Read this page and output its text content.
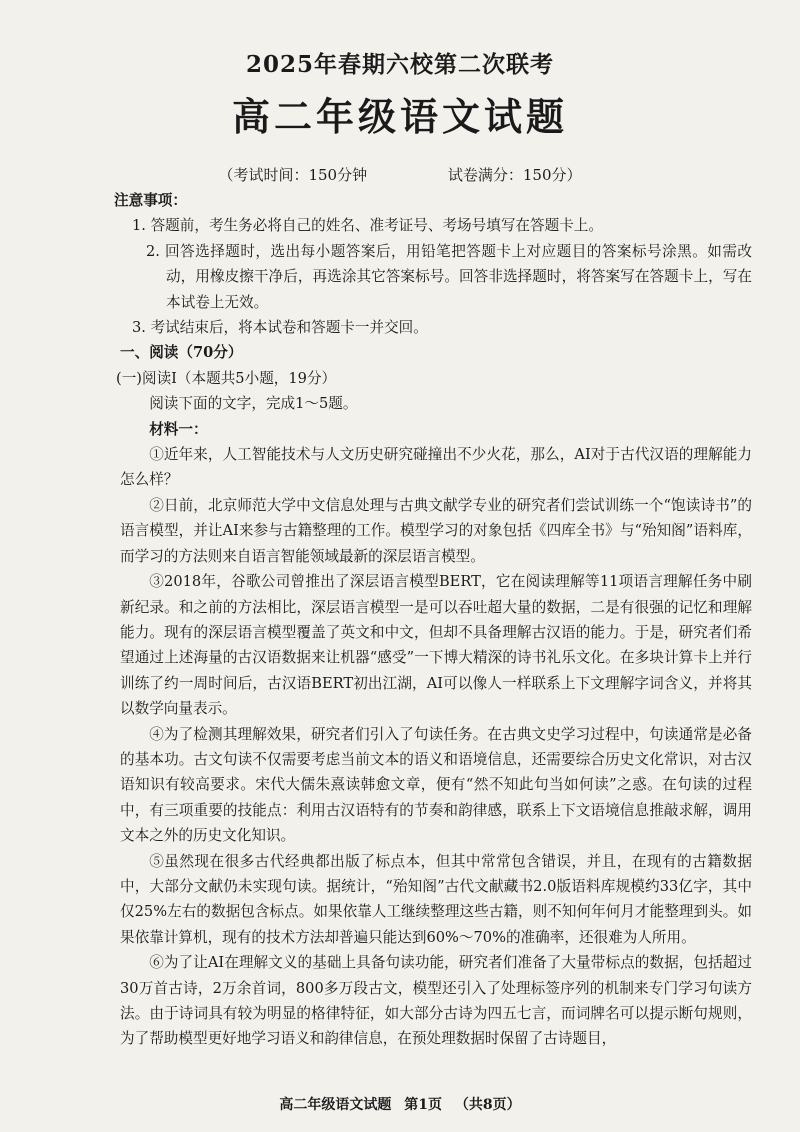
2025年春期六校第二次联考
高二年级语文试题
（考试时间：150分钟	试卷满分：150分）

注意事项：

1. 答题前，考生务必将自己的姓名、准考证号、考场号填写在答题卡上。

2. 回答选择题时，选出每小题答案后，用铅笔把答题卡上对应题目的答案标号涂黑。如需改动，用橡皮擦干净后，再选涂其它答案标号。回答非选择题时，将答案写在答题卡上，写在本试卷上无效。

3. 考试结束后，将本试卷和答题卡一并交回。

一、阅读（70分）

(一)阅读Ⅰ（本题共5小题，19分）

阅读下面的文字，完成1～5题。

材料一：

①近年来，人工智能技术与人文历史研究碰撞出不少火花，那么，AI对于古代汉语的理解能力怎么样？

②日前，北京师范大学中文信息处理与古典文献学专业的研究者们尝试训练一个“饱读诗书”的语言模型，并让AI来参与古籍整理的工作。模型学习的对象包括《四库全书》与“殆知阁”语料库，而学习的方法则来自语言智能领域最新的深层语言模型。

③2018年，谷歌公司曾推出了深层语言模型BERT，它在阅读理解等11项语言理解任务中刷新纪录。和之前的方法相比，深层语言模型一是可以吞吐超大量的数据，二是有很强的记忆和理解能力。现有的深层语言模型覆盖了英文和中文，但却不具备理解古汉语的能力。于是，研究者们希望通过上述海量的古汉语数据来让机器“感受”一下博大精深的诗书礼乐文化。在多块计算卡上并行训练了约一周时间后，古汉语BERT初出江湖，AI可以像人一样联系上下文理解字词含义，并将其以数学向量表示。

④为了检测其理解效果，研究者们引入了句读任务。在古典文史学习过程中，句读通常是必备的基本功。古文句读不仅需要考虑当前文本的语义和语境信息，还需要综合历史文化常识，对古汉语知识有较高要求。宋代大儒朱熹读韩愈文章，便有“然不知此句当如何读”之惑。在句读的过程中，有三项重要的技能点：利用古汉语特有的节奏和韵律感，联系上下文语境信息推敲求解，调用文本之外的历史文化知识。

⑤虽然现在很多古代经典都出版了标点本，但其中常常包含错误，并且，在现有的古籍数据中，大部分文献仍未实现句读。据统计，“殆知阁”古代文献藏书2.0版语料库规模约33亿字，其中仅25%左右的数据包含标点。如果依靠人工继续整理这些古籍，则不知何年何月才能整理到头。如果依靠计算机，现有的技术方法却普遍只能达到60%～70%的准确率，还很难为人所用。

⑥为了让AI在理解文义的基础上具备句读功能，研究者们准备了大量带标点的数据，包括超过30万首古诗，2万余首词，800多万段古文，模型还引入了处理标签序列的机制来专门学习句读方法。由于诗词具有较为明显的格律特征，如大部分古诗为四五七言，而词牌名可以提示断句规则，为了帮助模型更好地学习语义和韵律信息，在预处理数据时保留了古诗题目，

高二年级语文试题 第1页 （共8页）
